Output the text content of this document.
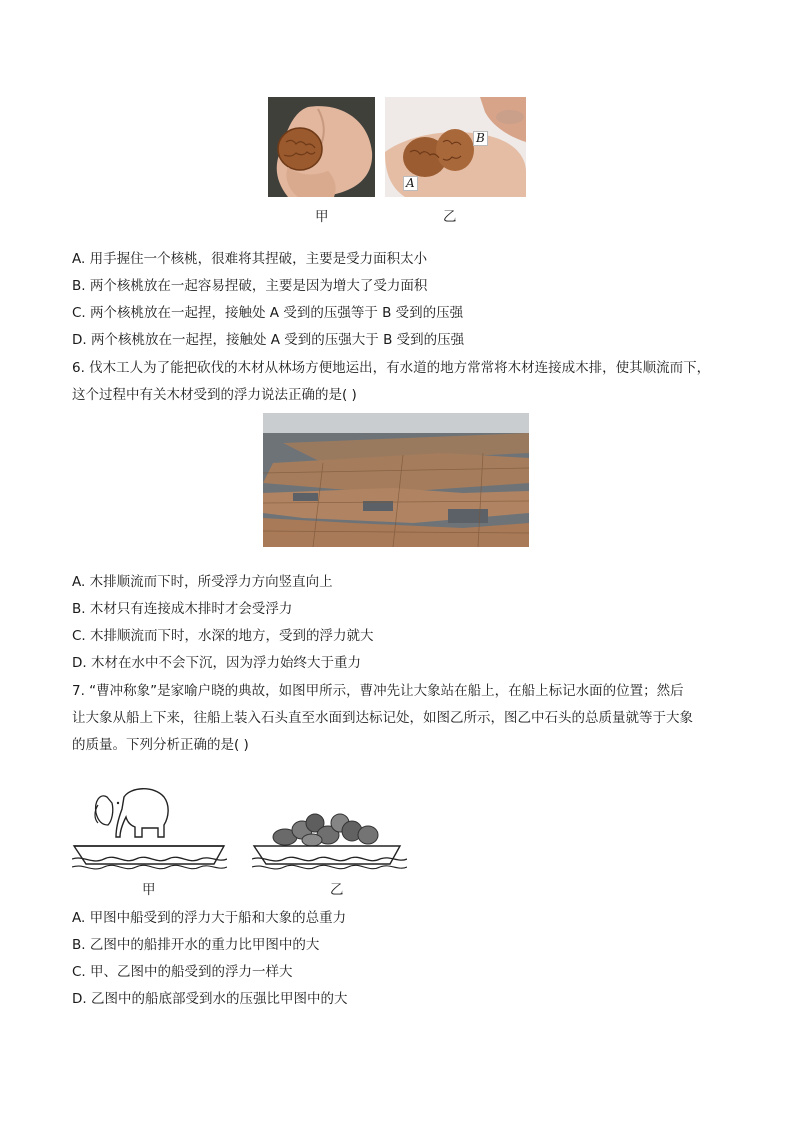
B
A
甲	乙
A. 用手握住一个核桃，很难将其捏破，主要是受力面积太小
B. 两个核桃放在一起容易捏破，主要是因为增大了受力面积
C. 两个核桃放在一起捏，接触处 A 受到的压强等于 B 受到的压强
D. 两个核桃放在一起捏，接触处 A 受到的压强大于 B 受到的压强
6. 伐木工人为了能把砍伐的木材从林场方便地运出，有水道的地方常常将木材连接成木排，使其顺流而下，
这个过程中有关木材受到的浮力说法正确的是( )
A. 木排顺流而下时，所受浮力方向竖直向上
B. 木材只有连接成木排时才会受浮力
C. 木排顺流而下时，水深的地方，受到的浮力就大
D. 木材在水中不会下沉，因为浮力始终大于重力
7. “曹冲称象”是家喻户晓的典故，如图甲所示，曹冲先让大象站在船上，在船上标记水面的位置；然后
让大象从船上下来，往船上装入石头直至水面到达标记处，如图乙所示，图乙中石头的总质量就等于大象
的质量。下列分析正确的是( )
甲	乙
A. 甲图中船受到的浮力大于船和大象的总重力
B. 乙图中的船排开水的重力比甲图中的大
C. 甲、乙图中的船受到的浮力一样大
D. 乙图中的船底部受到水的压强比甲图中的大
